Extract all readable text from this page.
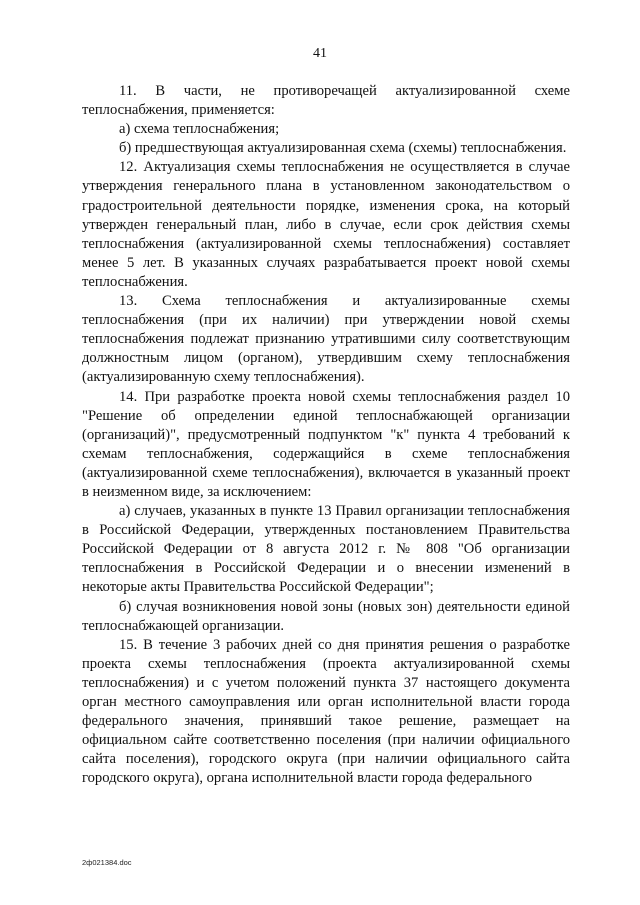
41

11. В части, не противоречащей актуализированной схеме теплоснабжения, применяется:

а) схема теплоснабжения;

б) предшествующая актуализированная схема (схемы) теплоснабжения.

12. Актуализация схемы теплоснабжения не осуществляется в случае утверждения генерального плана в установленном законодательством о градостроительной деятельности порядке, изменения срока, на который утвержден генеральный план, либо в случае, если срок действия схемы теплоснабжения (актуализированной схемы теплоснабжения) составляет менее 5 лет. В указанных случаях разрабатывается проект новой схемы теплоснабжения.

13. Схема теплоснабжения и актуализированные схемы теплоснабжения (при их наличии) при утверждении новой схемы теплоснабжения подлежат признанию утратившими силу соответствующим должностным лицом (органом), утвердившим схему теплоснабжения (актуализированную схему теплоснабжения).

14. При разработке проекта новой схемы теплоснабжения раздел 10 "Решение об определении единой теплоснабжающей организации (организаций)", предусмотренный подпунктом "к" пункта 4 требований к схемам теплоснабжения, содержащийся в схеме теплоснабжения (актуализированной схеме теплоснабжения), включается в указанный проект в неизменном виде, за исключением:

а) случаев, указанных в пункте 13 Правил организации теплоснабжения в Российской Федерации, утвержденных постановлением Правительства Российской Федерации от 8 августа 2012 г. № 808 "Об организации теплоснабжения в Российской Федерации и о внесении изменений в некоторые акты Правительства Российской Федерации";

б) случая возникновения новой зоны (новых зон) деятельности единой теплоснабжающей организации.

15. В течение 3 рабочих дней со дня принятия решения о разработке проекта схемы теплоснабжения (проекта актуализированной схемы теплоснабжения) и с учетом положений пункта 37 настоящего документа орган местного самоуправления или орган исполнительной власти города федерального значения, принявший такое решение, размещает на официальном сайте соответственно поселения (при наличии официального сайта поселения), городского округа (при наличии официального сайта городского округа), органа исполнительной власти города федерального

2ф021384.doc
